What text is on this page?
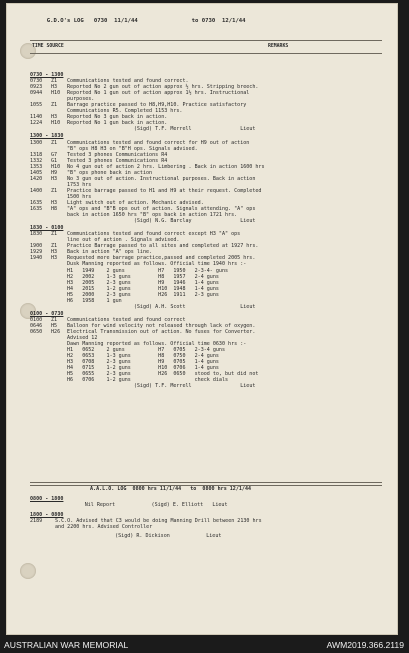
G.D.O's LOG 0730 11/1/44	to 0730 12/1/44

TIME SOURCE	REMARKS
0730 - 1300
0730	Z1	Communications tested and found correct.
0923	H3	Reported No 2 gun out of action approx ½ hrs. Stripping breech.
0944	H10	Reported No 1 gun out of action approx 1½ hrs. Instructional
purposes.
1055	Z1	Barrage practice passed to H8,H9,H10. Practice satisfactory
Communications R5. Completed 1153 hrs.
1140	H3	Reported No 3 gun back in action.
1224	H10	Reported No 1 gun back in action.
(Sigd) T.F. Merrell                Lieut
1300 - 1830
1300	Z1	Communications tested and found correct for H9 out of action
"B" ops H8 H3 on "B"H ops. Signals advised.
1318	G7	Tested 3 phones Communications R4
1332	G1	Tested 3 phones Communications R4
1353	H10	No 4 gun out of action 2 hrs. Limbering . Back in action 1600 hrs
1405	H9	"B" ops phone back in action
1420	H3	No 3 gun out of action. Instructional purposes. Back in action
1753 hrs
1400	Z1	Practice barrage passed to H1 and H9 at their request. Completed
1500 hrs
1635	H3	Light switch out of action. Mechanic advised.
1635	H8	"A" ops and "B"B ops out of action. Signals attending. "A" ops
back in action 1650 hrs "B" ops back in action 1721 hrs.
(Sigd) N.G. Barclay                Lieut
1830 - 0100
1830	Z1	Communications tested and found correct except H3 "A" ops
line out of action . Signals advised.
1900	Z1	Practice Barrage passed to all sites and completed at 1927 hrs.
1929	H3	Back in action "A" ops line.
1940	H3	Requested more barrage practice,passed and completed 2005 hrs.
Dusk Manning reported as follows. Official time 1940 hrs :-
H1   1949    2 guns           H7   1950   2-3-4- guns
H2   2002    1-3 guns         H8   1957   2-4 guns
H3   2005    2-3 guns         H9   1946   1-4 guns
H4   2015    1-2 guns         H10  1948   1-4 guns
H5   2000    2-3 guns         H26  1911   2-3 guns
H6   1958    1 gun
(Sigd) A.H. Scott                  Lieut
0100 - 0730
0100	Z1	Communications tested and found correct
0646	H5	Balloon for wind velocity not released through lack of oxygen.
0650	H26	Electrical Transmission out of action. No fuses for Converter.
Advised 12
Dawn Manning reported as follows. Official time 0630 hrs :-
H1   0652    2 guns           H7   0705   2-3-4 guns
H2   0653    1-3 guns         H8   0750   2-4 guns
H3   0708    2-3 guns         H9   0705   1-4 guns
H4   0715    1-2 guns         H10  0706   1-4 guns
H5   0655    2-3 guns         H26  0650   stood to, but did not
H6   0706    1-2 guns                     check dials
(Sigd) T.F. Merrell                Lieut
A.A.L.O. LOG  0800 hrs 11/1/44   to  0800 hrs 12/1/44
0800 - 1800
Nil Report            (Sigd) E. Elliott   Lieut
1800 - 0800
2189	S.C.O. Advised that C3 would be doing Manning Drill between 2130 hrs
and 2200 hrs. Advised Controller
(Sigd) R. Dickison            Lieut
AUSTRALIAN WAR MEMORIAL	AWM2019.366.2119
